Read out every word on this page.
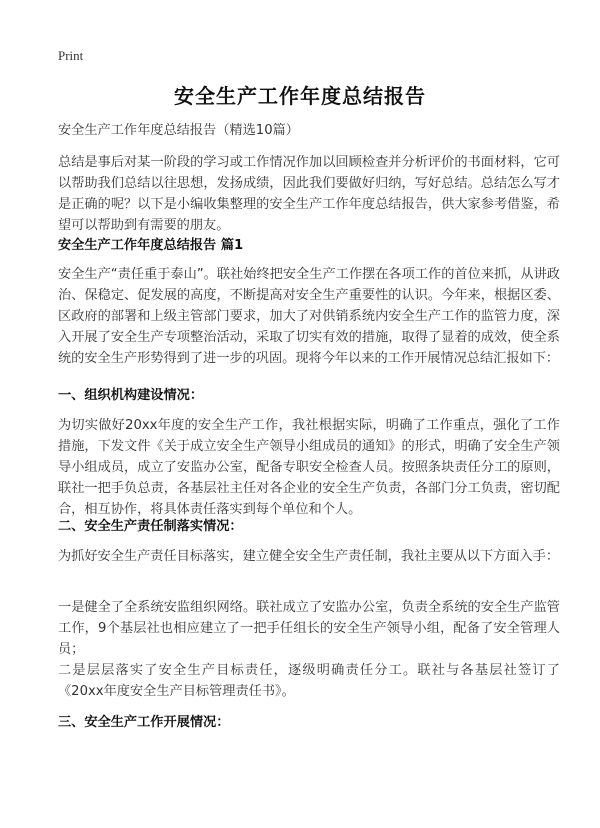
Print
安全生产工作年度总结报告

安全生产工作年度总结报告（精选10篇）

总结是事后对某一阶段的学习或工作情况作加以回顾检查并分析评价的书面材料，它可以帮助我们总结以往思想，发扬成绩，因此我们要做好归纳，写好总结。总结怎么写才是正确的呢？以下是小编收集整理的安全生产工作年度总结报告，供大家参考借鉴，希望可以帮助到有需要的朋友。

安全生产工作年度总结报告 篇1

安全生产“责任重于泰山”。联社始终把安全生产工作摆在各项工作的首位来抓，从讲政治、保稳定、促发展的高度，不断提高对安全生产重要性的认识。今年来，根据区委、区政府的部署和上级主管部门要求，加大了对供销系统内安全生产工作的监管力度，深入开展了安全生产专项整治活动，采取了切实有效的措施，取得了显着的成效，使全系统的安全生产形势得到了进一步的巩固。现将今年以来的工作开展情况总结汇报如下：

一、组织机构建设情况：

为切实做好20xx年度的安全生产工作，我社根据实际，明确了工作重点，强化了工作措施，下发文件《关于成立安全生产领导小组成员的通知》的形式，明确了安全生产领导小组成员，成立了安监办公室，配备专职安全检查人员。按照条块责任分工的原则，联社一把手负总责，各基层社主任对各企业的安全生产负责，各部门分工负责，密切配合，相互协作，将具体责任落实到每个单位和个人。

二、安全生产责任制落实情况：

为抓好安全生产责任目标落实，建立健全安全生产责任制，我社主要从以下方面入手：

一是健全了全系统安监组织网络。联社成立了安监办公室，负责全系统的安全生产监管工作，9个基层社也相应建立了一把手任组长的安全生产领导小组，配备了安全管理人员；

二是层层落实了安全生产目标责任，逐级明确责任分工。联社与各基层社签订了《20xx年度安全生产目标管理责任书》。

三、安全生产工作开展情况：
